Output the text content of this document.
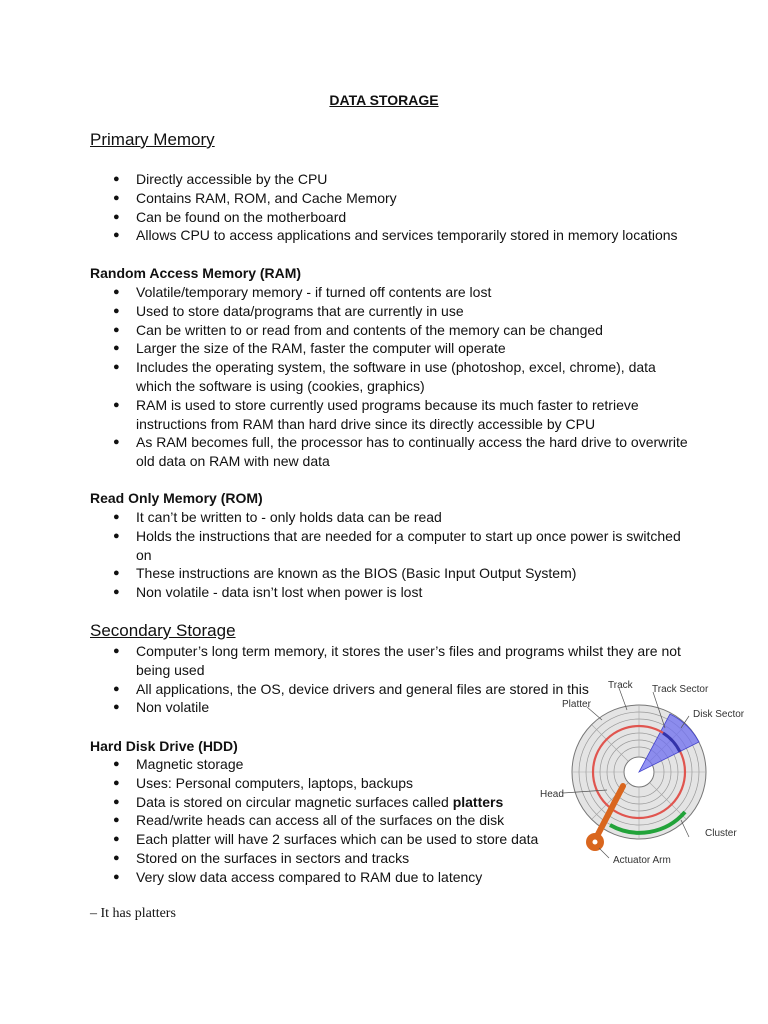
DATA STORAGE
Primary Memory
● Directly accessible by the CPU
● Contains RAM, ROM, and Cache Memory
● Can be found on the motherboard
● Allows CPU to access applications and services temporarily stored in memory locations
Random Access Memory (RAM)
● Volatile/temporary memory - if turned off contents are lost
● Used to store data/programs that are currently in use
● Can be written to or read from and contents of the memory can be changed
● Larger the size of the RAM, faster the computer will operate
● Includes the operating system, the software in use (photoshop, excel, chrome), data which the software is using (cookies, graphics)
● RAM is used to store currently used programs because its much faster to retrieve instructions from RAM than hard drive since its directly accessible by CPU
● As RAM becomes full, the processor has to continually access the hard drive to overwrite old data on RAM with new data
Read Only Memory (ROM)
● It can’t be written to - only holds data can be read
● Holds the instructions that are needed for a computer to start up once power is switched on
● These instructions are known as the BIOS (Basic Input Output System)
● Non volatile - data isn’t lost when power is lost
Secondary Storage
● Computer’s long term memory, it stores the user’s files and programs whilst they are not being used
● All applications, the OS, device drivers and general files are stored in this
● Non volatile
Hard Disk Drive (HDD)
● Magnetic storage
● Uses: Personal computers, laptops, backups
● Data is stored on circular magnetic surfaces called platters
● Read/write heads can access all of the surfaces on the disk
● Each platter will have 2 surfaces which can be used to store data
● Stored on the surfaces in sectors and tracks
● Very slow data access compared to RAM due to latency
Track Track Sector
Platter
Disk Sector
Head
Cluster
Actuator Arm
– It has platters
